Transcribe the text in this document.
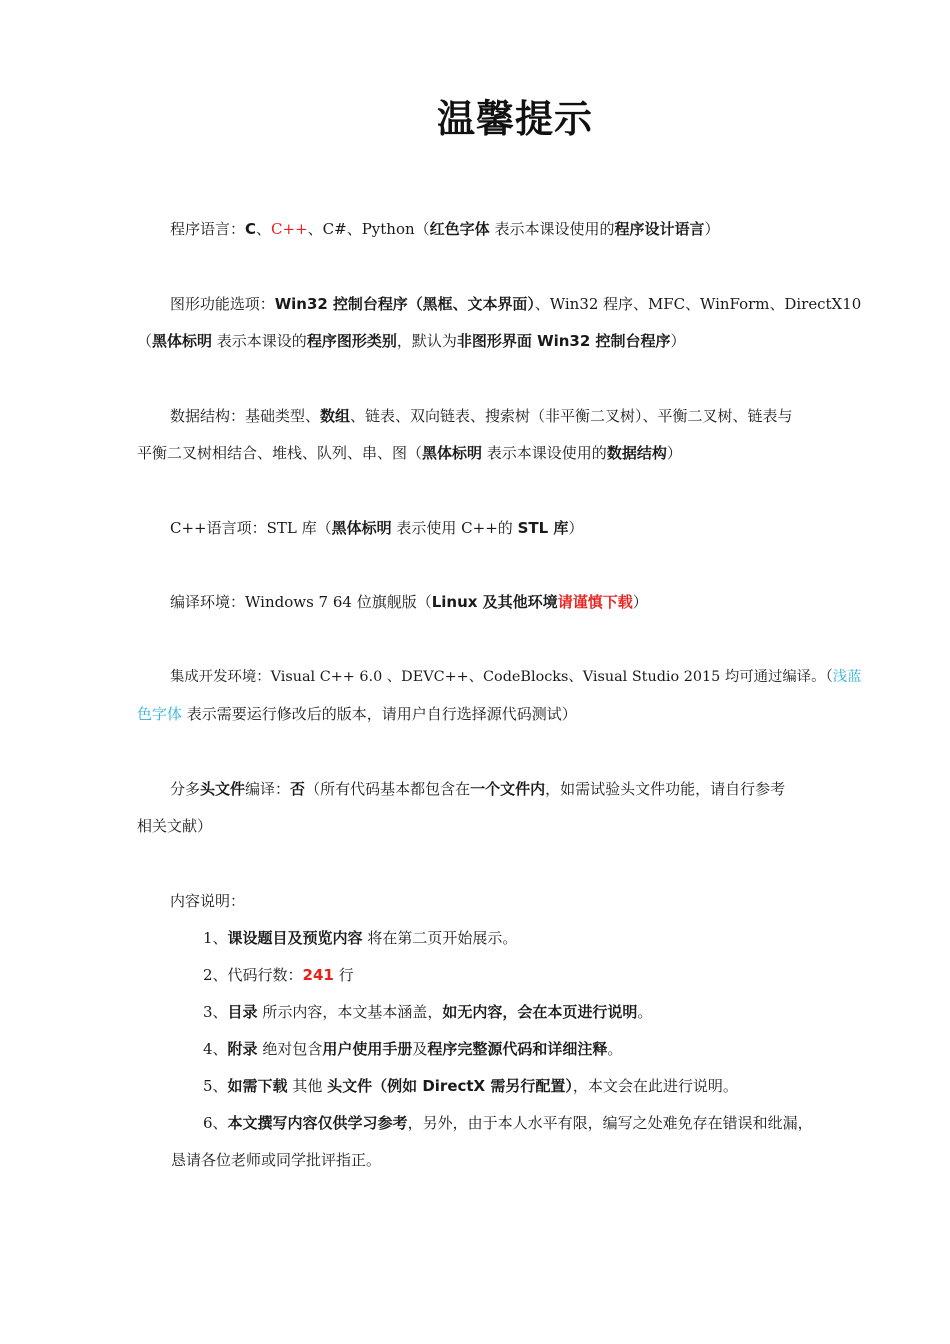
温馨提示
程序语言：C、C++、C#、Python（红色字体 表示本课设使用的程序设计语言）
图形功能选项：Win32 控制台程序（黑框、文本界面）、Win32 程序、MFC、WinForm、DirectX10
（黑体标明 表示本课设的程序图形类别，默认为非图形界面 Win32 控制台程序）
数据结构：基础类型、数组、链表、双向链表、搜索树（非平衡二叉树）、平衡二叉树、链表与
平衡二叉树相结合、堆栈、队列、串、图（黑体标明 表示本课设使用的数据结构）
C++语言项：STL 库（黑体标明 表示使用 C++的 STL 库）
编译环境：Windows 7 64 位旗舰版（Linux 及其他环境请谨慎下载）
集成开发环境：Visual C++ 6.0 、DEVC++、CodeBlocks、Visual Studio 2015 均可通过编译。（浅蓝
色字体 表示需要运行修改后的版本，请用户自行选择源代码测试）
分多头文件编译：否（所有代码基本都包含在一个文件内，如需试验头文件功能，请自行参考
相关文献）
内容说明：
1、课设题目及预览内容 将在第二页开始展示。
2、代码行数：241 行
3、目录 所示内容，本文基本涵盖，如无内容，会在本页进行说明。
4、附录 绝对包含用户使用手册及程序完整源代码和详细注释。
5、如需下载 其他 头文件（例如 DirectX 需另行配置），本文会在此进行说明。
6、本文撰写内容仅供学习参考，另外，由于本人水平有限，编写之处难免存在错误和纰漏，
恳请各位老师或同学批评指正。
